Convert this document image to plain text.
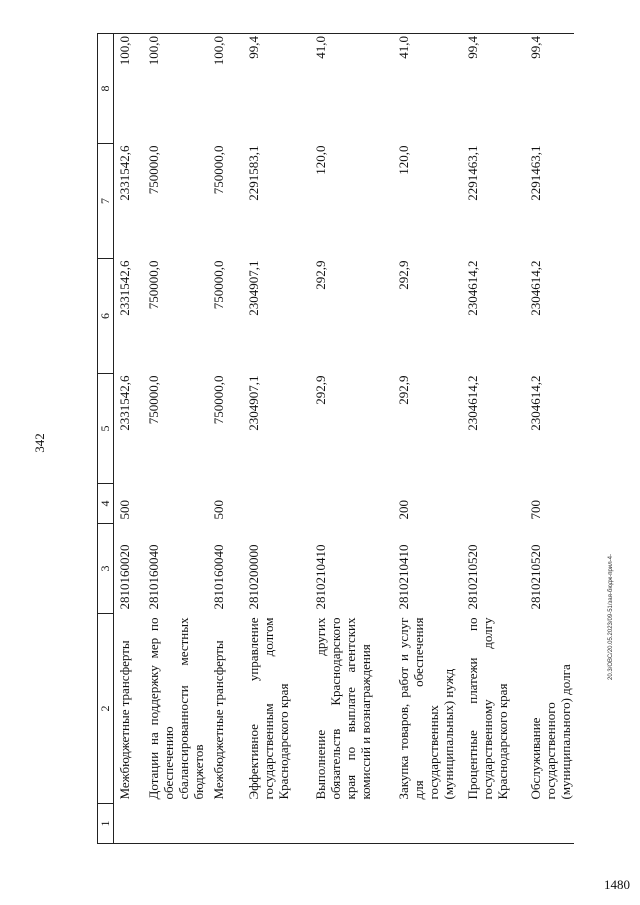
342
20.3/ОВС/20.05.2023/09-51/зая-бюдж-прил-4-
1480
1	2	3	4	5	6	7	8
	Межбюджетные трансферты	2810160020	500	2331542,6	2331542,6	2331542,6	100,0
	Дотации на поддержку мер по обеспечению сбалансированности местных бюджетов	2810160040		750000,0	750000,0	750000,0	100,0
	Межбюджетные трансферты	2810160040	500	750000,0	750000,0	750000,0	100,0
	Эффективное управление государственным долгом Краснодарского края	2810200000		2304907,1	2304907,1	2291583,1	99,4
	Выполнение других обязательств Краснодарского края по выплате агентских комиссий и вознаграждения	2810210410		292,9	292,9	120,0	41,0
	Закупка товаров, работ и услуг для обеспечения государственных (муниципальных) нужд	2810210410	200	292,9	292,9	120,0	41,0
	Процентные платежи по государственному долгу Краснодарского края	2810210520		2304614,2	2304614,2	2291463,1	99,4
	Обслуживание государственного (муниципального) долга	2810210520	700	2304614,2	2304614,2	2291463,1	99,4
